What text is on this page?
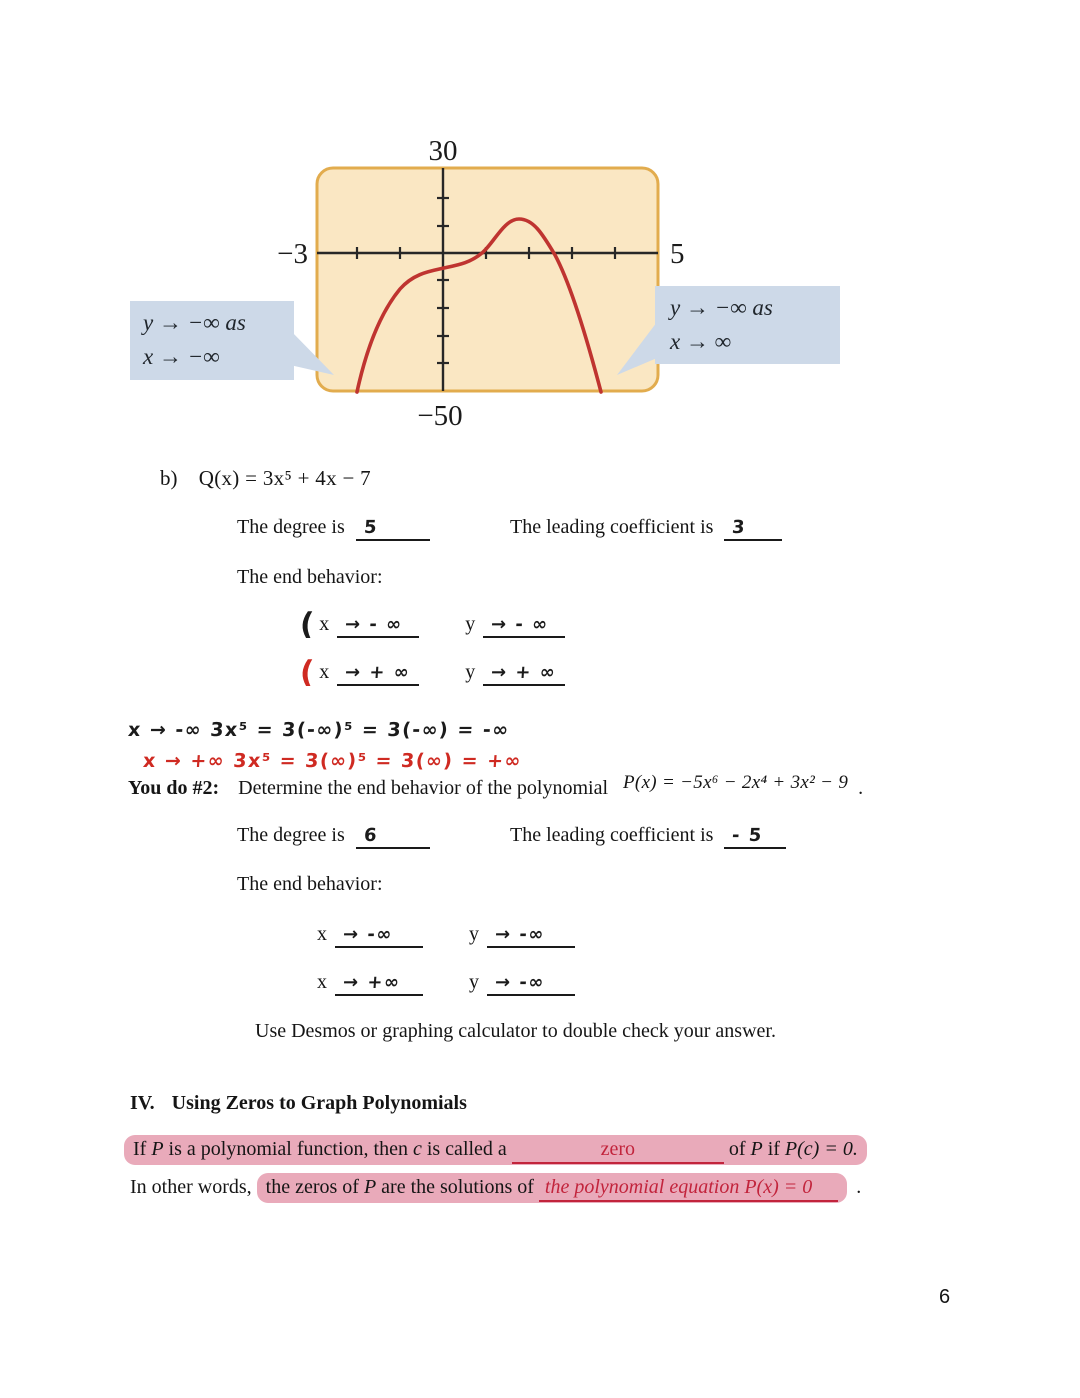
30
−50
−3	5
y → −∞ as
x → −∞
y → −∞ as
x → ∞
b) Q(x) = 3x⁵ + 4x − 7
The degree is 5	The leading coefficient is 3
The end behavior:
( x → - ∞	y → - ∞
( x → + ∞	y → + ∞
x → -∞ 3x⁵ = 3(-∞)⁵ = 3(-∞) = -∞
x → +∞ 3x⁵ = 3(∞)⁵ = 3(∞) = +∞
You do #2: Determine the end behavior of the polynomial P(x) = −5x⁶ − 2x⁴ + 3x² − 9 .
The degree is 6	The leading coefficient is - 5
The end behavior:
x → -∞	y → -∞
x → +∞	y → -∞
Use Desmos or graphing calculator to double check your answer.
IV. Using Zeros to Graph Polynomials
If P is a polynomial function, then c is called a	zero	of P if P(c) = 0.
In other words, the zeros of P are the solutions of the polynomial equation P(x) = 0 .
6
